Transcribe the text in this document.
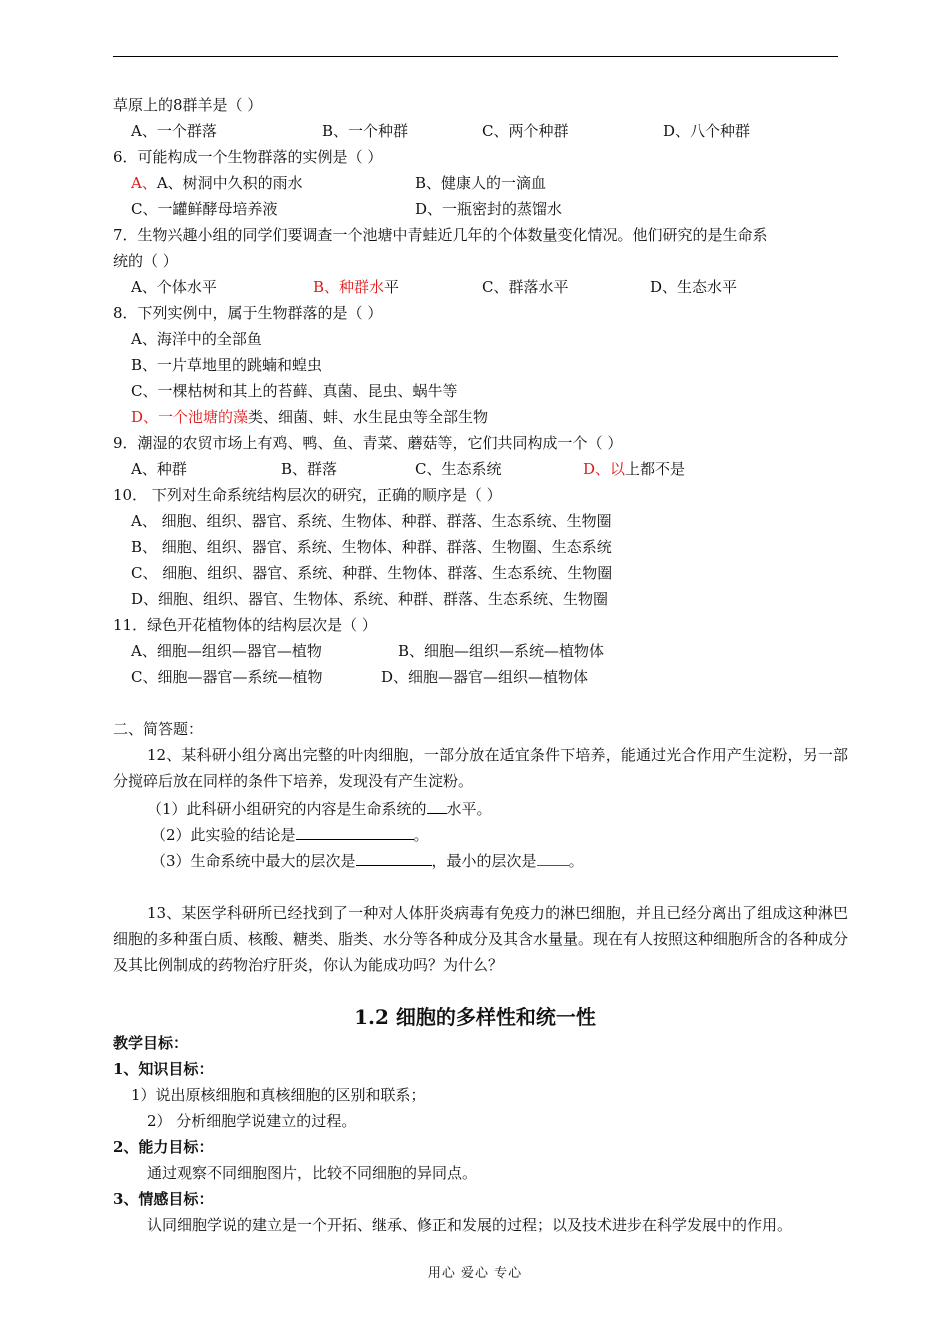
草原上的8群羊是（ ）
A、一个群落	B、一个种群	C、两个种群	D、八个种群
6．可能构成一个生物群落的实例是（ ）
A、A、树洞中久积的雨水	B、健康人的一滴血
C、一罐鲜酵母培养液	D、一瓶密封的蒸馏水
7．生物兴趣小组的同学们要调查一个池塘中青蛙近几年的个体数量变化情况。他们研究的是生命系
统的（ ）
A、个体水平	B、种群水平	C、群落水平	D、生态水平
8．下列实例中，属于生物群落的是（ ）
A、海洋中的全部鱼
B、一片草地里的跳蝻和蝗虫
C、一棵枯树和其上的苔藓、真菌、昆虫、蜗牛等
D、一个池塘的藻类、细菌、蚌、水生昆虫等全部生物
9．潮湿的农贸市场上有鸡、鸭、鱼、青菜、蘑菇等，它们共同构成一个（ ）
A、种群	B、群落	C、生态系统	D、以上都不是
10． 下列对生命系统结构层次的研究，正确的顺序是（ ）
A、 细胞、组织、器官、系统、生物体、种群、群落、生态系统、生物圈
B、 细胞、组织、器官、系统、生物体、种群、群落、生物圈、生态系统
C、 细胞、组织、器官、系统、种群、生物体、群落、生态系统、生物圈
D、细胞、组织、器官、生物体、系统、种群、群落、生态系统、生物圈
11．绿色开花植物体的结构层次是（ ）
A、细胞—组织—器官—植物	B、细胞—组织—系统—植物体
C、细胞—器官—系统—植物	D、细胞—器官—组织—植物体
二、简答题：
12、某科研小组分离出完整的叶肉细胞，一部分放在适宜条件下培养，能通过光合作用产生淀粉，另一部分搅碎后放在同样的条件下培养，发现没有产生淀粉。
（1）此科研小组研究的内容是生命系统的 水平。
（2）此实验的结论是	。
（3）生命系统中最大的层次是	，最小的层次是 。
13、某医学科研所已经找到了一种对人体肝炎病毒有免疫力的淋巴细胞，并且已经分离出了组成这种淋巴细胞的多种蛋白质、核酸、糖类、脂类、水分等各种成分及其含水量量。现在有人按照这种细胞所含的各种成分及其比例制成的药物治疗肝炎，你认为能成功吗？为什么？
1.2 细胞的多样性和统一性
教学目标：
1、知识目标：
1）说出原核细胞和真核细胞的区别和联系；
2） 分析细胞学说建立的过程。
2、能力目标：
通过观察不同细胞图片，比较不同细胞的异同点。
3、情感目标：
认同细胞学说的建立是一个开拓、继承、修正和发展的过程；以及技术进步在科学发展中的作用。
用心 爱心 专心
